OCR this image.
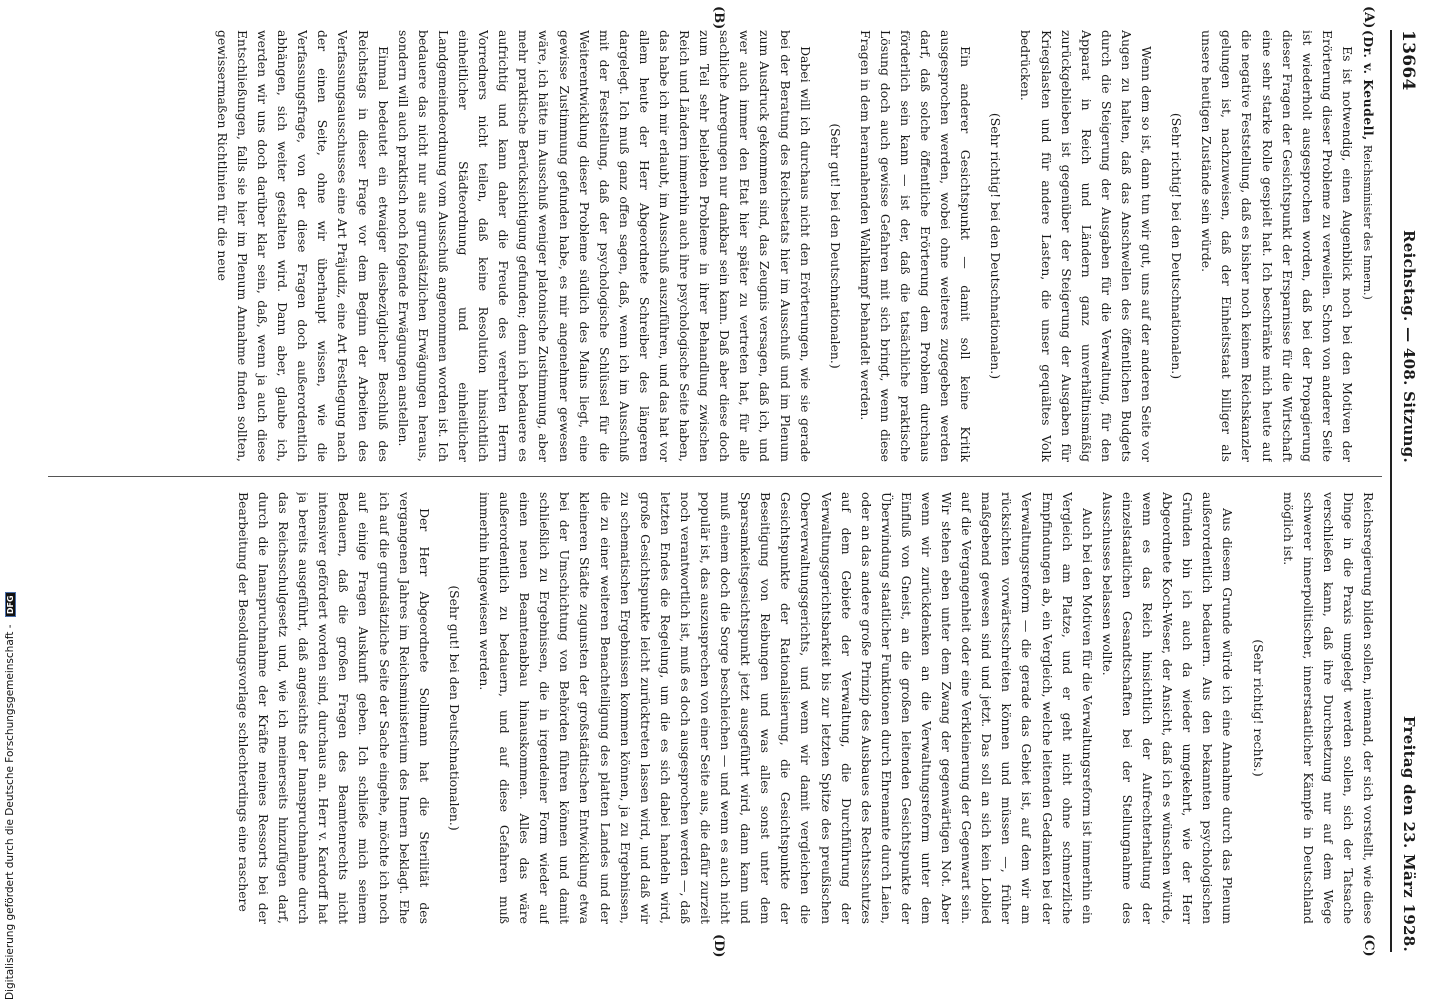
13664
Reichstag. — 408. Sitzung.
Freitag den 23. März 1928.
(A)
(B)
(C)
(D)

(Dr. v. Keudell, Reichsminister des Innern.)

Es ist notwendig, einen Augenblick noch bei den Motiven der Erörterung dieser Probleme zu verweilen. Schon von anderer Seite ist wiederholt ausgesprochen worden, daß bei der Propagierung dieser Fragen der Gesichtspunkt der Ersparnisse für die Wirtschaft eine sehr starke Rolle gespielt hat. Ich beschränke mich heute auf die negative Feststellung, daß es bisher noch keinem Reichskanzler gelungen ist, nachzuweisen, daß der Einheitsstaat billiger als unsere heutigen Zustände sein würde.

(Sehr richtig! bei den Deutschnationalen.)

Wenn dem so ist, dann tun wir gut, uns auf der anderen Seite vor Augen zu halten, daß das Anschwellen des öffentlichen Budgets durch die Steigerung der Ausgaben für die Verwaltung, für den Apparat in Reich und Ländern ganz unverhältnismäßig zurückgeblieben ist gegenüber der Steigerung der Ausgaben für Kriegslasten und für andere Lasten, die unser gequältes Volk bedrücken.

(Sehr richtig! bei den Deutschnationalen.)

Ein anderer Gesichtspunkt — damit soll keine Kritik ausgesprochen werden, wobei ohne weiteres zugegeben werden darf, daß solche öffentliche Erörterung dem Problem durchaus förderlich sein kann — ist der, daß die tatsächliche praktische Lösung doch auch gewisse Gefahren mit sich bringt, wenn diese Fragen in dem herannahenden Wahlkampf behandelt werden.

(Sehr gut! bei den Deutschnationalen.)

Dabei will ich durchaus nicht den Erörterungen, wie sie gerade bei der Beratung des Reichsetats hier im Ausschuß und im Plenum zum Ausdruck gekommen sind, das Zeugnis versagen, daß ich, und wer auch immer den Etat hier später zu vertreten hat, für alle sachliche Anregungen nur dankbar sein kann. Daß aber diese doch zum Teil sehr beliebten Probleme in ihrer Behandlung zwischen Reich und Ländern immerhin auch ihre psychologische Seite haben, das habe ich mir erlaubt, im Ausschuß auszuführen, und das hat vor allem heute der Herr Abgeordnete Schreiber des längeren dargelegt. Ich muß ganz offen sagen, daß, wenn ich im Ausschuß mit der Feststellung, daß der psychologische Schlüssel für die Weiterentwicklung dieser Probleme südlich des Mains liegt, eine gewisse Zustimmung gefunden habe, es mir angenehmer gewesen wäre, ich hätte im Ausschuß weniger platonische Zustimmung, aber mehr praktische Berücksichtigung gefunden; denn ich bedauere es aufrichtig und kann daher die Freude des verehrten Herrn Vorredners nicht teilen, daß keine Resolution hinsichtlich einheitlicher Städteordnung und einheitlicher Landgemeindeordnung vom Ausschuß angenommen worden ist. Ich bedauere das nicht nur aus grundsätzlichen Erwägungen heraus, sondern will auch praktisch noch folgende Erwägungen anstellen.

Einmal bedeutet ein etwaiger diesbezüglicher Beschluß des Reichstags in dieser Frage vor dem Beginn der Arbeiten des Verfassungsausschusses eine Art Präjudiz, eine Art Festlegung nach der einen Seite, ohne wir überhaupt wissen, wie die Verfassungsfrage, von der diese Fragen doch außerordentlich abhängen, sich weiter gestalten wird. Dann aber, glaube ich, werden wir uns doch darüber klar sein, daß, wenn ja auch diese Entschließungen, falls sie hier im Plenum Annahme finden sollten, gewissermaßen Richtlinien für die neue

Reichsregierung bilden sollen, niemand, der sich vorstellt, wie diese Dinge in die Praxis umgelegt werden sollen, sich der Tatsache verschließen kann, daß ihre Durchsetzung nur auf dem Wege schwerer innerpolitischer, innerstaatlicher Kämpfe in Deutschland möglich ist.

(Sehr richtig! rechts.)

Aus diesem Grunde würde ich eine Annahme durch das Plenum außerordentlich bedauern. Aus den bekannten psychologischen Gründen bin ich auch da wieder umgekehrt, wie der Herr Abgeordnete Koch-Weser, der Ansicht, daß ich es wünschen würde, wenn es das Reich hinsichtlich der Aufrechterhaltung der einzelstaatlichen Gesandtschaften bei der Stellungnahme des Ausschusses belassen wollte.

Auch bei den Motiven für die Verwaltungsreform ist immerhin ein Vergleich am Platze, und er geht nicht ohne schmerzliche Empfindungen ab, ein Vergleich, welche leitenden Gedanken bei der Verwaltungsreform — die gerade das Gebiet ist, auf dem wir am rücksichten vorwärtsschreiten können und müssen —, früher maßgebend gewesen sind und jetzt. Das soll an sich kein Loblied auf die Vergangenheit oder eine Verkleinerung der Gegenwart sein. Wir stehen eben unter dem Zwang der gegenwärtigen Not. Aber wenn wir zurückdenken an die Verwaltungsreform unter dem Einfluß von Gneist, an die großen leitenden Gesichtspunkte der Überwindung staatlicher Funktionen durch Ehrenamte durch Laien, oder an das andere große Prinzip des Ausbaues des Rechtsschutzes auf dem Gebiete der Verwaltung, die Durchführung der Verwaltungsgerichtsbarkeit bis zur letzten Spitze des preußischen Oberverwaltungsgerichts, und wenn wir damit vergleichen die Gesichtspunkte der Rationalisierung, die Gesichtspunkte der Beseitigung von Reibungen und was alles sonst unter dem Sparsamkeitsgesichtspunkt jetzt ausgeführt wird, dann kann und muß einem doch die Sorge beschleichen — und wenn es auch nicht populär ist, das auszusprechen von einer Seite aus, die dafür zurzeit noch verantwortlich ist, muß es doch ausgesprochen werden —, daß letzten Endes die Regelung, um die es sich dabei handeln wird, große Gesichtspunkte leicht zurücktreten lassen wird, und daß wir zu schematischen Ergebnissen kommen können, ja zu Ergebnissen, die zu einer weiteren Benachteiligung des platten Landes und der kleineren Städte zugunsten der großstädtischen Entwicklung etwa bei der Umschichtung von Behörden führen können und damit schließlich zu Ergebnissen, die in irgendeiner Form wieder auf einen neuen Beamtenabbau hinauskommen. Alles das wäre außerordentlich zu bedauern, und auf diese Gefahren muß immerhin hingewiesen werden.

(Sehr gut! bei den Deutschnationalen.)

Der Herr Abgeordnete Sollmann hat die Sterilität des vergangenen Jahres im Reichsministerium des Innern beklagt. Ehe ich auf die grundsätzliche Seite der Sache eingehe, möchte ich noch auf einige Fragen Auskunft geben. Ich schließe mich seinem Bedauern, daß die großen Fragen des Beamtenrechts nicht intensiver gefördert worden sind, durchaus an. Herr v. Kardorff hat ja bereits ausgeführt, daß angesichts der Inanspruchnahme durch das Reichsschulgesetz und, wie ich meinerseits hinzufügen darf, durch die Inanspruchnahme der Kräfte meines Ressorts bei der Bearbeitung der Besoldungsvorlage schlechterdings eine raschere

Digitalisierung gefördert durch die Deutsche Forschungsgemeinschaft - DFG
